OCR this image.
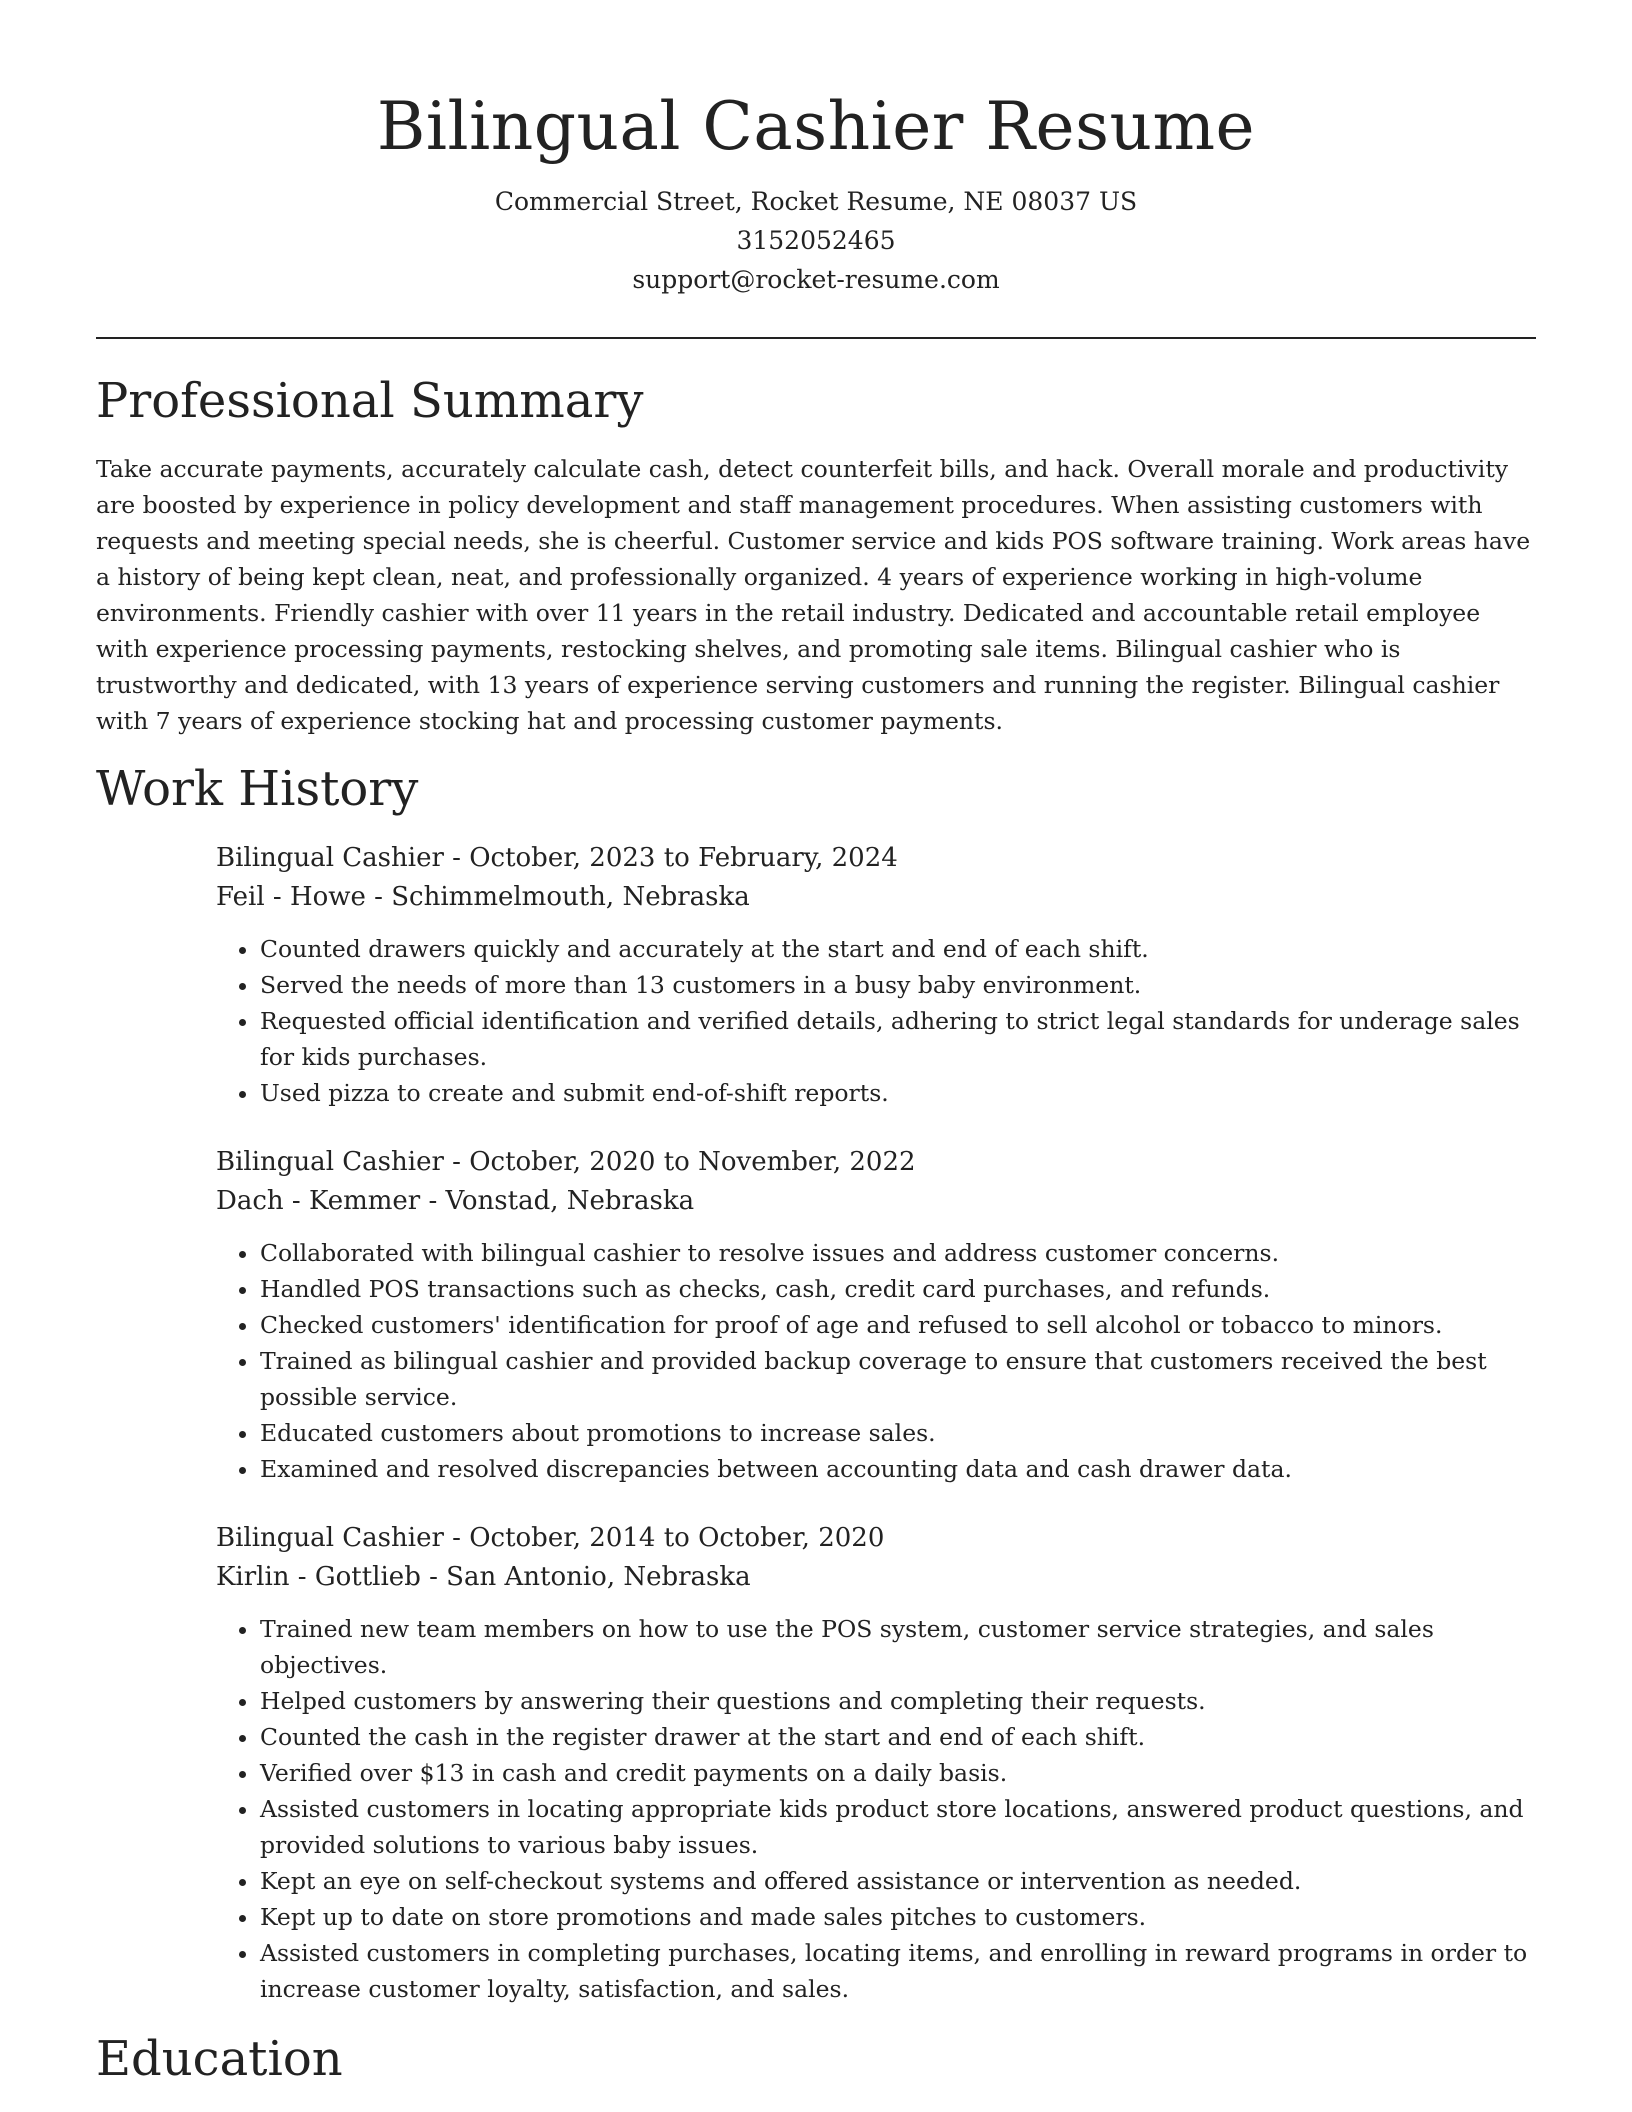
Bilingual Cashier Resume

Commercial Street, Rocket Resume, NE 08037 US

3152052465

support@rocket-resume.com

Professional Summary

Take accurate payments, accurately calculate cash, detect counterfeit bills, and hack. Overall morale and productivity are boosted by experience in policy development and staff management procedures. When assisting customers with requests and meeting special needs, she is cheerful. Customer service and kids POS software training. Work areas have a history of being kept clean, neat, and professionally organized. 4 years of experience working in high-volume environments. Friendly cashier with over 11 years in the retail industry. Dedicated and accountable retail employee with experience processing payments, restocking shelves, and promoting sale items. Bilingual cashier who is trustworthy and dedicated, with 13 years of experience serving customers and running the register. Bilingual cashier with 7 years of experience stocking hat and processing customer payments.

Work History

Bilingual Cashier - October, 2023 to February, 2024

Feil - Howe - Schimmelmouth, Nebraska

• Counted drawers quickly and accurately at the start and end of each shift.
• Served the needs of more than 13 customers in a busy baby environment.
• Requested official identification and verified details, adhering to strict legal standards for underage sales for kids purchases.
• Used pizza to create and submit end-of-shift reports.

Bilingual Cashier - October, 2020 to November, 2022

Dach - Kemmer - Vonstad, Nebraska

• Collaborated with bilingual cashier to resolve issues and address customer concerns.
• Handled POS transactions such as checks, cash, credit card purchases, and refunds.
• Checked customers' identification for proof of age and refused to sell alcohol or tobacco to minors.
• Trained as bilingual cashier and provided backup coverage to ensure that customers received the best possible service.
• Educated customers about promotions to increase sales.
• Examined and resolved discrepancies between accounting data and cash drawer data.

Bilingual Cashier - October, 2014 to October, 2020

Kirlin - Gottlieb - San Antonio, Nebraska

• Trained new team members on how to use the POS system, customer service strategies, and sales objectives.
• Helped customers by answering their questions and completing their requests.
• Counted the cash in the register drawer at the start and end of each shift.
• Verified over $13 in cash and credit payments on a daily basis.
• Assisted customers in locating appropriate kids product store locations, answered product questions, and provided solutions to various baby issues.
• Kept an eye on self-checkout systems and offered assistance or intervention as needed.
• Kept up to date on store promotions and made sales pitches to customers.
• Assisted customers in completing purchases, locating items, and enrolling in reward programs in order to increase customer loyalty, satisfaction, and sales.
Education
